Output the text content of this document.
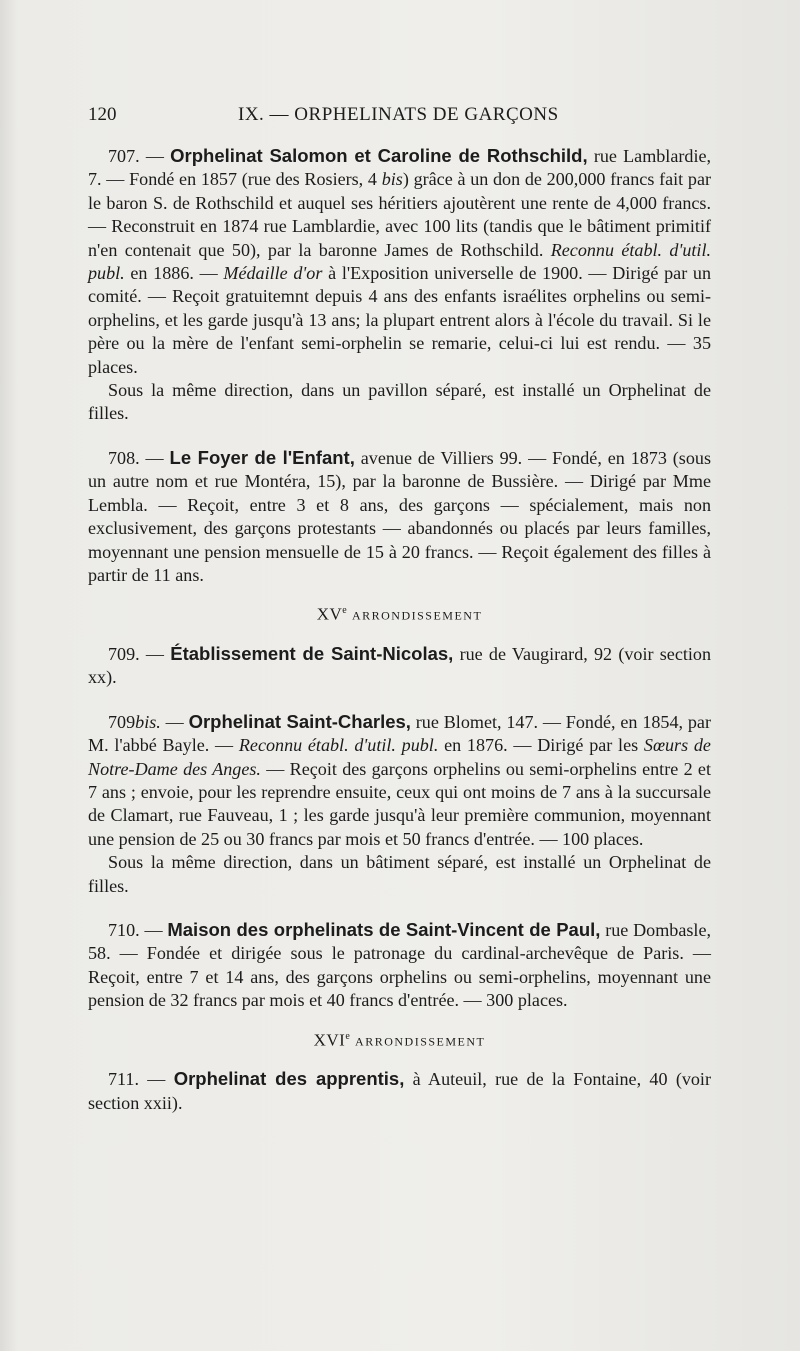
120	IX. — ORPHELINATS DE GARÇONS

707. — Orphelinat Salomon et Caroline de Rothschild, rue Lamblardie, 7. — Fondé en 1857 (rue des Rosiers, 4 bis) grâce à un don de 200,000 francs fait par le baron S. de Rothschild et auquel ses héritiers ajoutèrent une rente de 4,000 francs. — Reconstruit en 1874 rue Lamblardie, avec 100 lits (tandis que le bâtiment primitif n'en contenait que 50), par la baronne James de Rothschild. Reconnu établ. d'util. publ. en 1886. — Médaille d'or à l'Exposition universelle de 1900. — Dirigé par un comité. — Reçoit gratuitemnt depuis 4 ans des enfants israélites orphelins ou semi-orphelins, et les garde jusqu'à 13 ans; la plupart entrent alors à l'école du travail. Si le père ou la mère de l'enfant semi-orphelin se remarie, celui-ci lui est rendu. — 35 places.

Sous la même direction, dans un pavillon séparé, est installé un Orphelinat de filles.

708. — Le Foyer de l'Enfant, avenue de Villiers 99. — Fondé, en 1873 (sous un autre nom et rue Montéra, 15), par la baronne de Bussière. — Dirigé par Mme Lembla. — Reçoit, entre 3 et 8 ans, des garçons — spécialement, mais non exclusivement, des garçons protestants — abandonnés ou placés par leurs familles, moyennant une pension mensuelle de 15 à 20 francs. — Reçoit également des filles à partir de 11 ans.

XVe ARRONDISSEMENT

709. — Établissement de Saint-Nicolas, rue de Vaugirard, 92 (voir section xx).

709bis. — Orphelinat Saint-Charles, rue Blomet, 147. — Fondé, en 1854, par M. l'abbé Bayle. — Reconnu établ. d'util. publ. en 1876. — Dirigé par les Sœurs de Notre-Dame des Anges. — Reçoit des garçons orphelins ou semi-orphelins entre 2 et 7 ans ; envoie, pour les reprendre ensuite, ceux qui ont moins de 7 ans à la succursale de Clamart, rue Fauveau, 1 ; les garde jusqu'à leur première communion, moyennant une pension de 25 ou 30 francs par mois et 50 francs d'entrée. — 100 places.

Sous la même direction, dans un bâtiment séparé, est installé un Orphelinat de filles.

710. — Maison des orphelinats de Saint-Vincent de Paul, rue Dombasle, 58. — Fondée et dirigée sous le patronage du cardinal-archevêque de Paris. — Reçoit, entre 7 et 14 ans, des garçons orphelins ou semi-orphelins, moyennant une pension de 32 francs par mois et 40 francs d'entrée. — 300 places.

XVIe ARRONDISSEMENT

711. — Orphelinat des apprentis, à Auteuil, rue de la Fontaine, 40 (voir section xxii).
